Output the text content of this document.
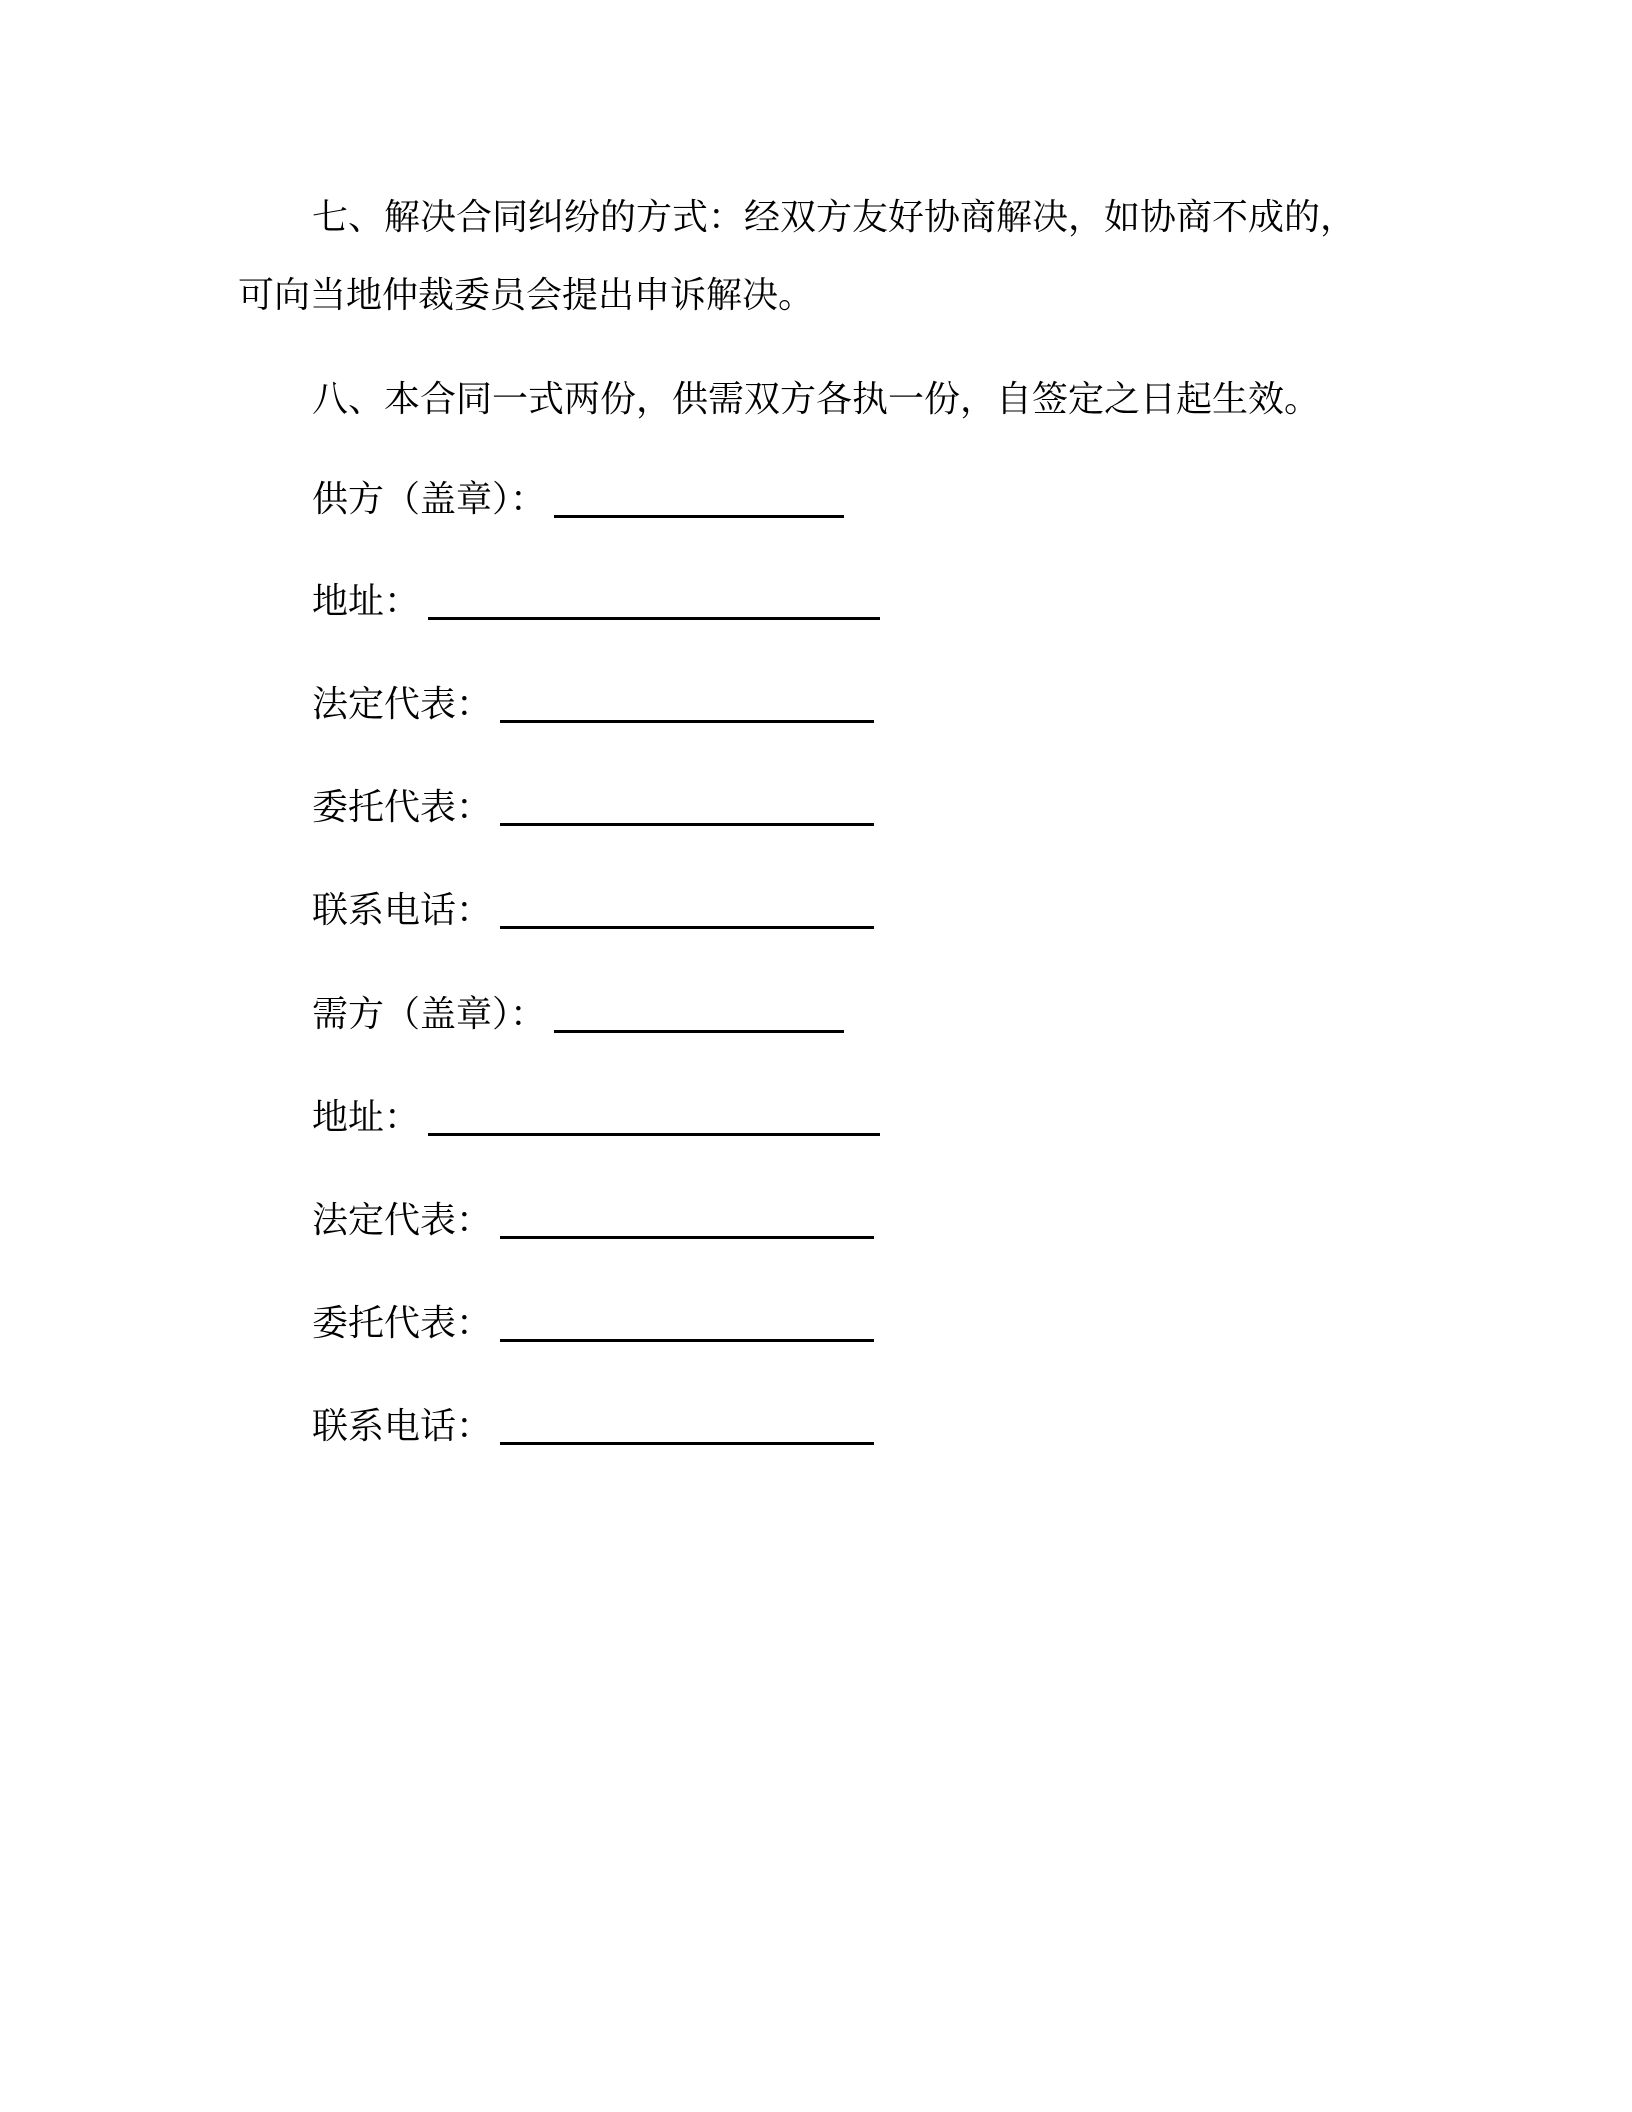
七、解决合同纠纷的方式：经双方友好协商解决，如协商不成的，
可向当地仲裁委员会提出申诉解决。
八、本合同一式两份，供需双方各执一份，自签定之日起生效。
供方（盖章）：
地址：
法定代表：
委托代表：
联系电话：
需方（盖章）：
地址：
法定代表：
委托代表：
联系电话：
